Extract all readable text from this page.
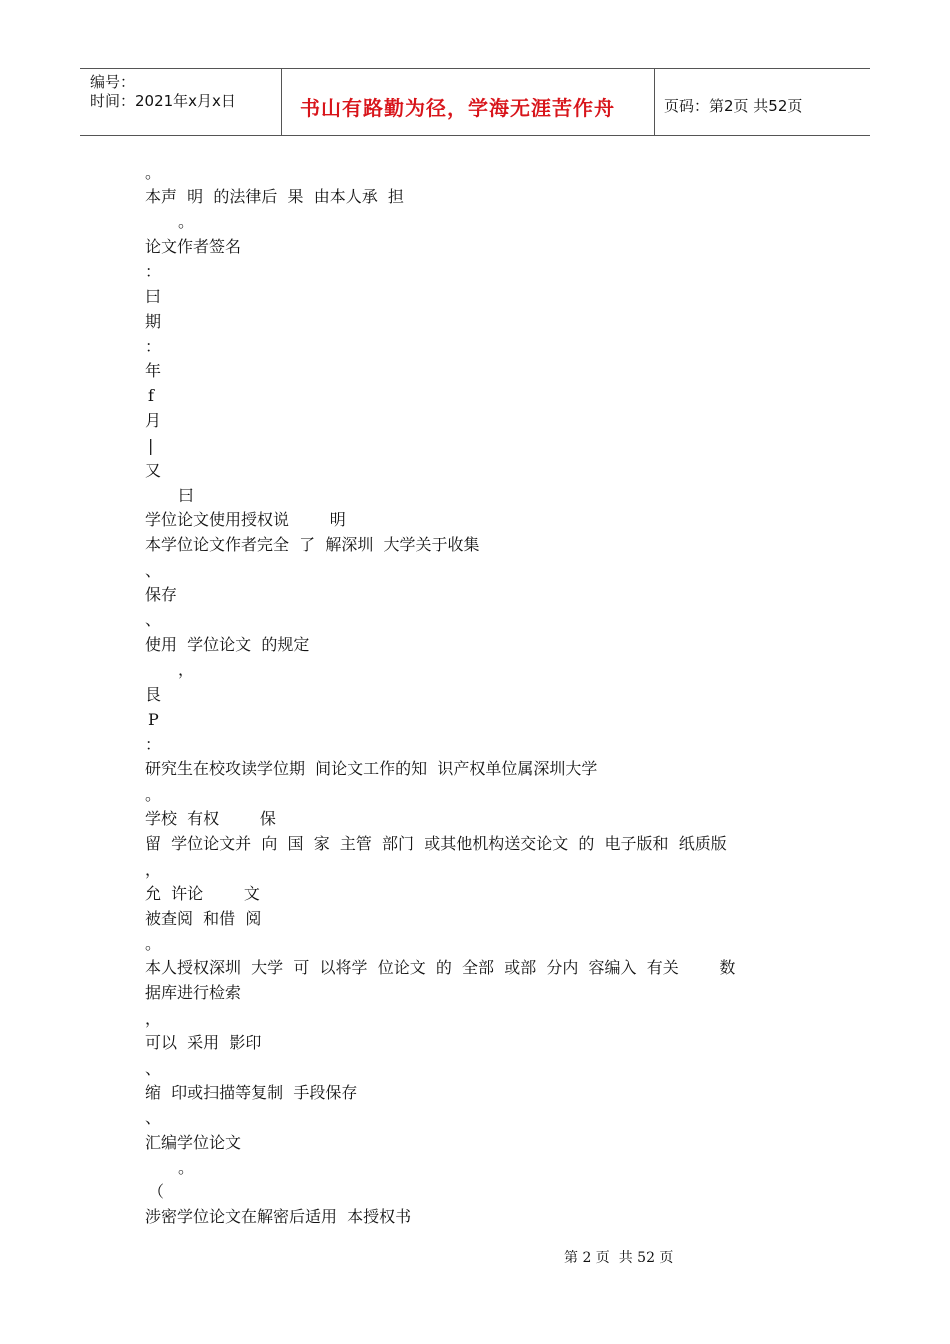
编号：
时间：2021年x月x日	书山有路勤为径，学海无涯苦作舟	页码：第2页 共52页
。
本声  明  的法律后  果  由本人承  担
。
论文作者签名
：
曰
期
：
年
f
月
|
又
曰
学位论文使用授权说        明
本学位论文作者完全  了  解深圳  大学关于收集
、
保存
、
使用  学位论文  的规定
，
艮
P
：
研究生在校攻读学位期  间论文工作的知  识产权单位属深圳大学
。
学校  有权        保
留  学位论文并  向  国  家  主管  部门  或其他机构送交论文  的  电子版和  纸质版
，
允  许论        文
被查阅  和借  阅
。
本人授权深圳  大学  可  以将学  位论文  的  全部  或部  分内  容编入  有关        数
据库进行检索
，
可以  采用  影印
、
缩  印或扫描等复制  手段保存
、
汇编学位论文
。
（
涉密学位论文在解密后适用  本授权书
第 2 页  共 52 页
